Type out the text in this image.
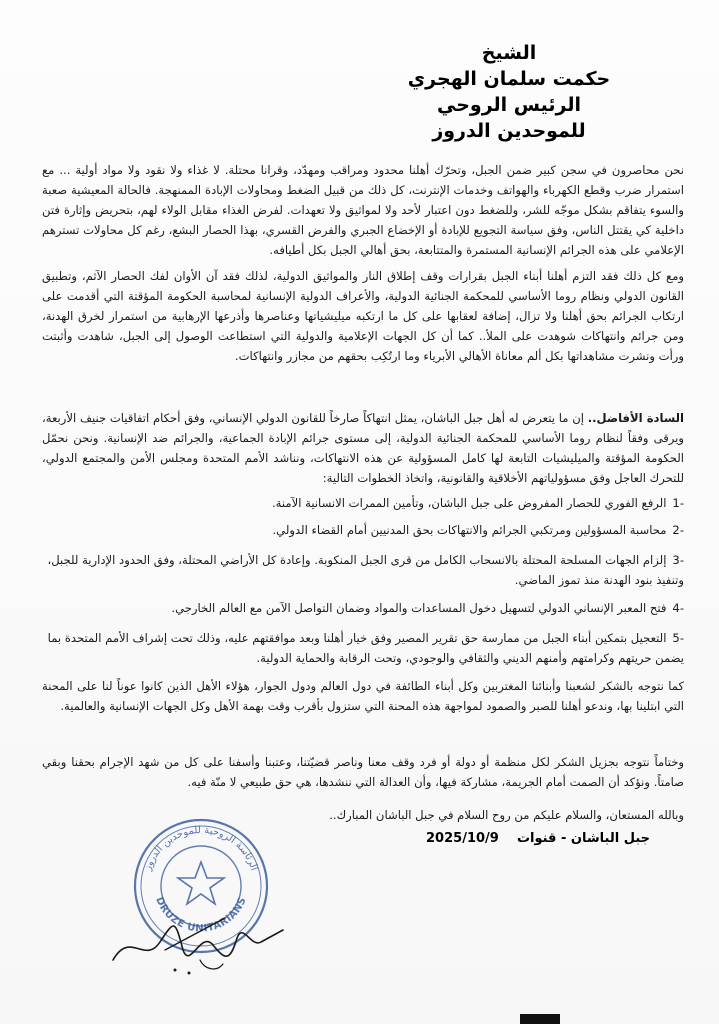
الشيخ
حكمت سلمان الهجري
الرئيس الروحي
للموحدين الدروز

نحن محاصرون في سجن كبير ضمن الجبل، وتحرّك أهلنا محدود ومراقب ومهدّد، وقرانا محتلة. لا غذاء ولا نقود ولا مواد أولية ... مع استمرار ضرب وقطع الكهرباء والهواتف وخدمات الإنترنت، كل ذلك من قبيل الضغط ومحاولات الإبادة الممنهجة. فالحالة المعيشية صعبة والسوء يتفاقم بشكل موجّه للشر، وللضغط دون اعتبار لأحد ولا لمواثيق ولا تعهدات. لفرض الغذاء مقابل الولاء لهم، بتحريض وإثارة فتن داخلية كي يقتتل الناس، وفق سياسة التجويع للإبادة أو الإخضاع الجبري والفرض القسري، بهذا الحصار البشع، رغم كل محاولات تسترهم الإعلامي على هذه الجرائم الإنسانية المستمرة والمتتابعة، بحق أهالي الجبل بكل أطيافه.

ومع كل ذلك فقد التزم أهلنا أبناء الجبل بقرارات وقف إطلاق النار والمواثيق الدولية، لذلك فقد آن الأوان لفك الحصار الآثم، وتطبيق القانون الدولي ونظام روما الأساسي للمحكمة الجنائية الدولية، والأعراف الدولية الإنسانية لمحاسبة الحكومة المؤقتة التي أقدمت على ارتكاب الجرائم بحق أهلنا ولا تزال، إضافة لعقابها على كل ما ارتكبه ميليشياتها وعناصرها وأذرعها الإرهابية من استمرار لخرق الهدنة، ومن جرائم وانتهاكات شوهدت على الملأ.. كما أن كل الجهات الإعلامية والدولية التي استطاعت الوصول إلى الجبل، شاهدت وأثبتت ورأت ونشرت مشاهداتها بكل ألم معاناة الأهالي الأبرياء وما ارتُكِب بحقهم من مجازر وانتهاكات.

السادة الأفاضل.. إن ما يتعرض له أهل جبل الباشان، يمثل انتهاكاً صارخاً للقانون الدولي الإنساني، وفق أحكام اتفاقيات جنيف الأربعة، ويرقى وفقاً لنظام روما الأساسي للمحكمة الجنائية الدولية، إلى مستوى جرائم الإبادة الجماعية، والجرائم ضد الإنسانية. ونحن نحمّل الحكومة المؤقتة والميليشيات التابعة لها كامل المسؤولية عن هذه الانتهاكات، ونناشد الأمم المتحدة ومجلس الأمن والمجتمع الدولي، للتحرك العاجل وفق مسؤولياتهم الأخلاقية والقانونية، واتخاذ الخطوات التالية:

-1الرفع الفوري للحصار المفروض على جبل الباشان، وتأمين الممرات الانسانية الآمنة.
-2محاسبة المسؤولين ومرتكبي الجرائم والانتهاكات بحق المدنيين أمام القضاء الدولي.
-3إلزام الجهات المسلحة المحتلة بالانسحاب الكامل من قرى الجبل المنكوبة. وإعادة كل الأراضي المحتلة، وفق الحدود الإدارية للجبل، وتنفيذ بنود الهدنة منذ تموز الماضي.
-4فتح المعبر الإنساني الدولي لتسهيل دخول المساعدات والمواد وضمان التواصل الآمن مع العالم الخارجي.
-5التعجيل بتمكين أبناء الجبل من ممارسة حق تقرير المصير وفق خيار أهلنا وبعد موافقتهم عليه، وذلك تحت إشراف الأمم المتحدة بما يضمن حريتهم وكرامتهم وأمنهم الديني والثقافي والوجودي، وتحت الرقابة والحماية الدولية.

كما نتوجه بالشكر لشعبنا وأبنائنا المغتربين وكل أبناء الطائفة في دول العالم ودول الجوار، هؤلاء الأهل الذين كانوا عوناً لنا على المحنة التي ابتلينا بها، وندعو أهلنا للصبر والصمود لمواجهة هذه المحنة التي ستزول بأقرب وقت بهمة الأهل وكل الجهات الإنسانية والعالمية.

وختاماً نتوجه بجزيل الشكر لكل منظمة أو دولة أو فرد وقف معنا وناصر قضيّتنا، وعتبنا وأسفنا على كل من شهد الإجرام بحقنا وبقي صامتاً. ونؤكد أن الصمت أمام الجريمة، مشاركة فيها، وأن العدالة التي ننشدها، هي حق طبيعي لا منّة فيه.

وبالله المستعان، والسلام عليكم من روح السلام في جبل الباشان المبارك..

جبل الباشان - قنوات    2025/10/9
الرئاسة الروحية للموحدين الدروز
DRUZE UNITARIANS
